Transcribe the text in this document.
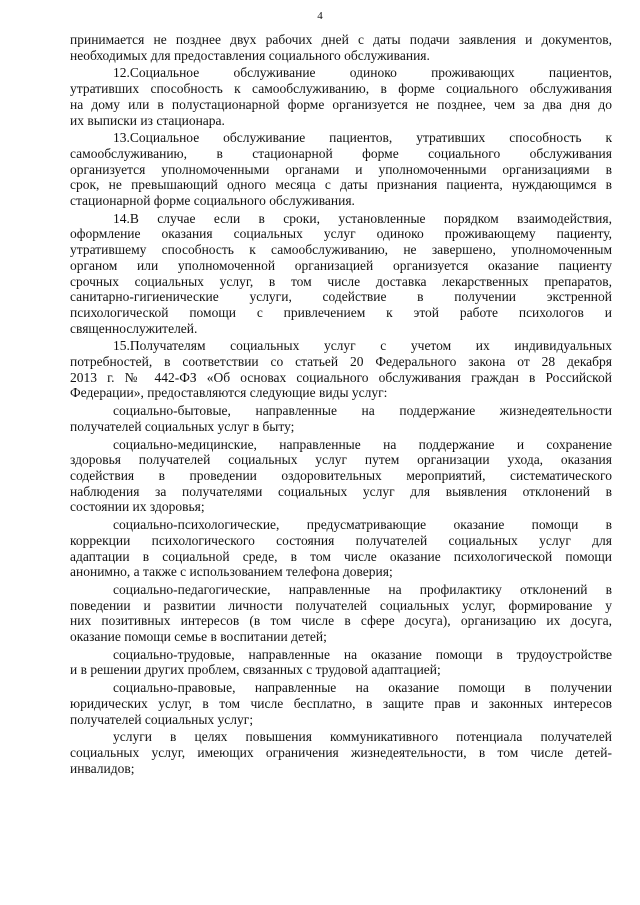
4
принимается не позднее двух рабочих дней с даты подачи заявления и документов,
необходимых для предоставления социального обслуживания.
12.Социальное обслуживание одиноко проживающих пациентов,
утративших способность к самообслуживанию, в форме социального обслуживания
на дому или в полустационарной форме организуется не позднее, чем за два дня до
их выписки из стационара.
13.Социальное обслуживание пациентов, утративших способность к
самообслуживанию, в стационарной форме социального обслуживания
организуется уполномоченными органами и уполномоченными организациями в
срок, не превышающий одного месяца с даты признания пациента, нуждающимся в
стационарной форме социального обслуживания.
14.В случае если в сроки, установленные порядком взаимодействия,
оформление оказания социальных услуг одиноко проживающему пациенту,
утратившему способность к самообслуживанию, не завершено, уполномоченным
органом или уполномоченной организацией организуется оказание пациенту
срочных социальных услуг, в том числе доставка лекарственных препаратов,
санитарно-гигиенические услуги, содействие в получении экстренной
психологической помощи с привлечением к этой работе психологов и
священнослужителей.
15.Получателям социальных услуг с учетом их индивидуальных
потребностей, в соответствии со статьей 20 Федерального закона от 28 декабря
2013 г. № 442-ФЗ «Об основах социального обслуживания граждан в Российской
Федерации», предоставляются следующие виды услуг:
социально-бытовые, направленные на поддержание жизнедеятельности
получателей социальных услуг в быту;
социально-медицинские, направленные на поддержание и сохранение
здоровья получателей социальных услуг путем организации ухода, оказания
содействия в проведении оздоровительных мероприятий, систематического
наблюдения за получателями социальных услуг для выявления отклонений в
состоянии их здоровья;
социально-психологические, предусматривающие оказание помощи в
коррекции психологического состояния получателей социальных услуг для
адаптации в социальной среде, в том числе оказание психологической помощи
анонимно, а также с использованием телефона доверия;
социально-педагогические, направленные на профилактику отклонений в
поведении и развитии личности получателей социальных услуг, формирование у
них позитивных интересов (в том числе в сфере досуга), организацию их досуга,
оказание помощи семье в воспитании детей;
социально-трудовые, направленные на оказание помощи в трудоустройстве
и в решении других проблем, связанных с трудовой адаптацией;
социально-правовые, направленные на оказание помощи в получении
юридических услуг, в том числе бесплатно, в защите прав и законных интересов
получателей социальных услуг;
услуги в целях повышения коммуникативного потенциала получателей
социальных услуг, имеющих ограничения жизнедеятельности, в том числе детей-
инвалидов;
